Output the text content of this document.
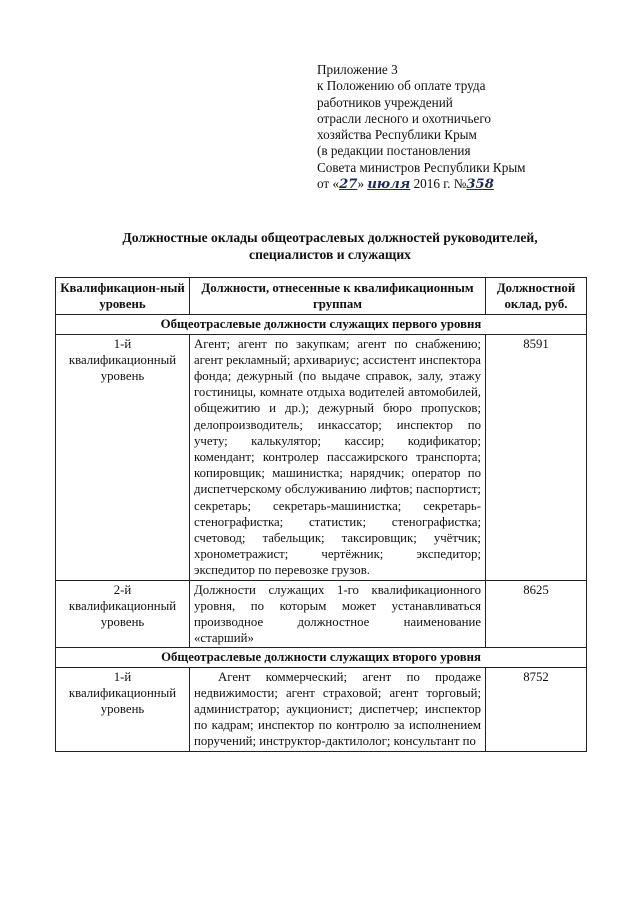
Приложение 3
к Положению об оплате труда
работников учреждений
отрасли лесного и охотничьего
хозяйства Республики Крым
(в редакции постановления
Совета министров Республики Крым
от «27» июля 2016 г. №358
Должностные оклады общеотраслевых должностей руководителей,
специалистов и служащих
Квалификацион-ный уровень	Должности, отнесенные к квалификационным группам	Должностной оклад, руб.
Общеотраслевые должности служащих первого уровня		
1-й квалификационный уровень	Агент; агент по закупкам; агент по снабжению; агент рекламный; архивариус; ассистент инспектора фонда; дежурный (по выдаче справок, залу, этажу гостиницы, комнате отдыха водителей автомобилей, общежитию и др.); дежурный бюро пропусков; делопроизводитель; инкассатор; инспектор по учету; калькулятор; кассир; кодификатор; комендант; контролер пассажирского транспорта; копировщик; машинистка; нарядчик; оператор по диспетчерскому обслуживанию лифтов; паспортист; секретарь; секретарь-машинистка; секретарь-стенографистка; статистик; стенографистка; счетовод; табельщик; таксировщик; учётчик; хронометражист; чертёжник; экспедитор; экспедитор по перевозке грузов.	8591
2-й квалификационный уровень	Должности служащих 1-го квалификационного уровня, по которым может устанавливаться производное должностное наименование «старший»	8625
Общеотраслевые должности служащих второго уровня		
1-й квалификационный уровень	Агент коммерческий; агент по продаже недвижимости; агент страховой; агент торговый; администратор; аукционист; диспетчер; инспектор по кадрам; инспектор по контролю за исполнением поручений; инструктор-дактилолог; консультант по	8752
